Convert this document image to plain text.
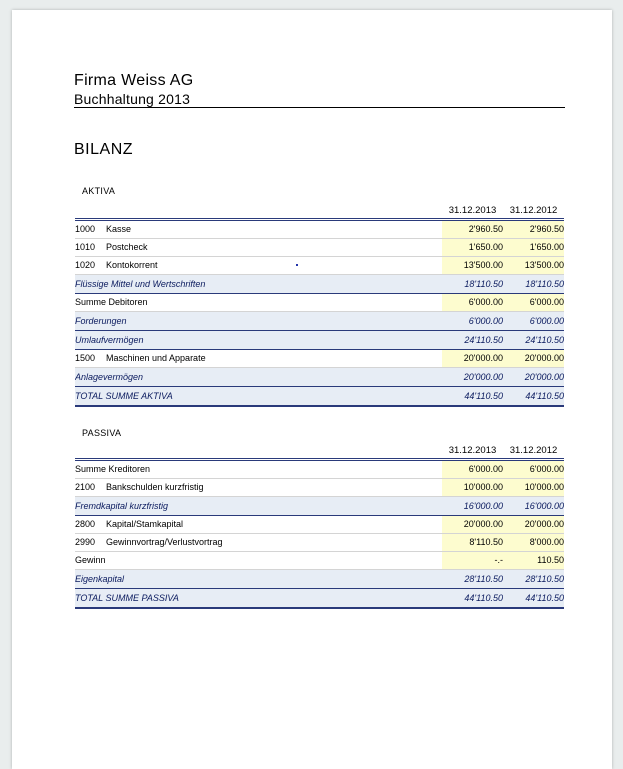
Firma Weiss AG
Buchhaltung 2013
BILANZ
AKTIVA
	31.12.2013	31.12.2012
1000 Kasse	2'960.50	2'960.50
1010 Postcheck	1'650.00	1'650.00
1020 Kontokorrent	13'500.00	13'500.00
Flüssige Mittel und Wertschriften	18'110.50	18'110.50
Summe Debitoren	6'000.00	6'000.00
Forderungen	6'000.00	6'000.00
Umlaufvermögen	24'110.50	24'110.50
1500 Maschinen und Apparate	20'000.00	20'000.00
Anlagevermögen	20'000.00	20'000.00
TOTAL SUMME AKTIVA	44'110.50	44'110.50
PASSIVA
	31.12.2013	31.12.2012
Summe Kreditoren	6'000.00	6'000.00
2100 Bankschulden kurzfristig	10'000.00	10'000.00
Fremdkapital kurzfristig	16'000.00	16'000.00
2800 Kapital/Stamkapital	20'000.00	20'000.00
2990 Gewinnvortrag/Verlustvortrag	8'110.50	8'000.00
Gewinn	-.-	110.50
Eigenkapital	28'110.50	28'110.50
TOTAL SUMME PASSIVA	44'110.50	44'110.50
